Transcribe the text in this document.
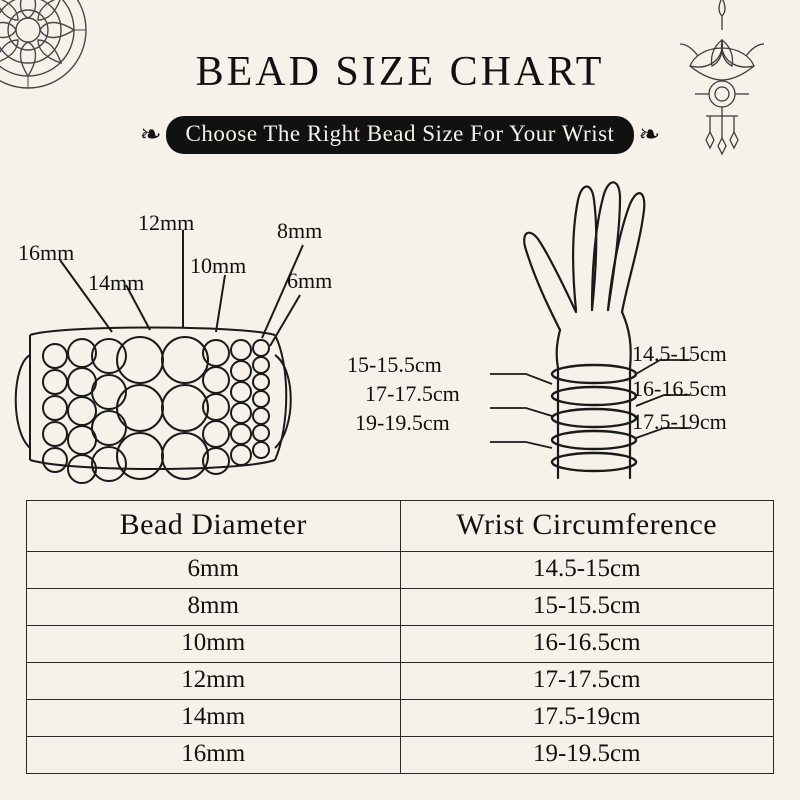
BEAD SIZE CHART
❧	Choose The Right Bead Size For Your Wrist ❧
16mm
14mm
12mm
10mm
8mm
6mm
15-15.5cm
17-17.5cm
19-19.5cm
14.5-15cm
16-16.5cm
17.5-19cm
Bead Diameter	Wrist Circumference
6mm	14.5-15cm
8mm	15-15.5cm
10mm	16-16.5cm
12mm	17-17.5cm
14mm	17.5-19cm
16mm	19-19.5cm
